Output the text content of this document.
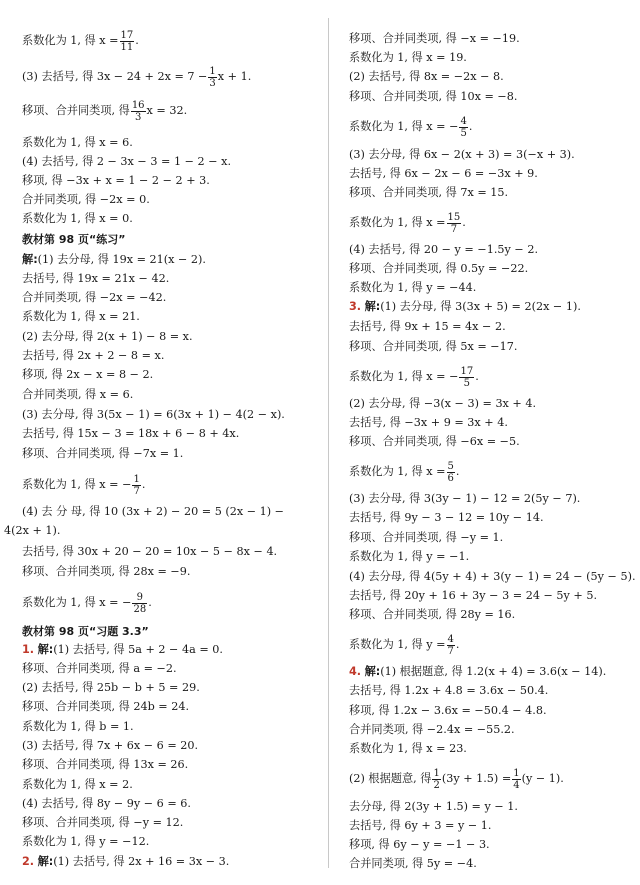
系数化为 1, 得 $x = \frac{17}{11}$ .
(3) 去括号, 得 $3x - 24 + 2x = 7 - \frac{1}{3}$ x + 1.
移项、合并同类项, 得 $\frac{16}{3}$ x = 32.
系数化为 1, 得 x = 6.
(4) 去括号, 得 2 − 3x − 3 = 1 − 2 − x.
移项, 得 −3x + x = 1 − 2 − 2 + 3.
合并同类项, 得 −2x = 0.
系数化为 1, 得 x = 0.
教材第 98 页“练习”
解:(1) 去分母, 得 19x = 21(x − 2).
去括号, 得 19x = 21x − 42.
合并同类项, 得 −2x = −42.
系数化为 1, 得 x = 21.
(2) 去分母, 得 2(x + 1) − 8 = x.
去括号, 得 2x + 2 − 8 = x.
移项, 得 2x − x = 8 − 2.
合并同类项, 得 x = 6.
(3) 去分母, 得 3(5x − 1) = 6(3x + 1) − 4(2 − x).
去括号, 得 15x − 3 = 18x + 6 − 8 + 4x.
移项、合并同类项, 得 −7x = 1.
系数化为 1, 得 x = − $\frac{1}{7}$ .
(4) 去 分 母, 得 10 (3x + 2) − 20 = 5 (2x − 1) −
4(2x + 1).
去括号, 得 30x + 20 − 20 = 10x − 5 − 8x − 4.
移项、合并同类项, 得 28x = −9.
系数化为 1, 得 x = − $\frac{9}{28}$ .
教材第 98 页“习题 3.3”
1. 解:(1) 去括号, 得 5a + 2 − 4a = 0.
移项、合并同类项, 得 a = −2.
(2) 去括号, 得 25b − b + 5 = 29.
移项、合并同类项, 得 24b = 24.
系数化为 1, 得 b = 1.
(3) 去括号, 得 7x + 6x − 6 = 20.
移项、合并同类项, 得 13x = 26.
系数化为 1, 得 x = 2.
(4) 去括号, 得 8y − 9y − 6 = 6.
移项、合并同类项, 得 −y = 12.
系数化为 1, 得 y = −12.
2. 解:(1) 去括号, 得 2x + 16 = 3x − 3.
移项、合并同类项, 得 −x = −19.
系数化为 1, 得 x = 19.
(2) 去括号, 得 8x = −2x − 8.
移项、合并同类项, 得 10x = −8.
系数化为 1, 得 x = − $\frac{4}{5}$ .
(3) 去分母, 得 6x − 2(x + 3) = 3(−x + 3).
去括号, 得 6x − 2x − 6 = −3x + 9.
移项、合并同类项, 得 7x = 15.
系数化为 1, 得 $x = \frac{15}{7}$ .
(4) 去括号, 得 20 − y = −1.5y − 2.
移项、合并同类项, 得 0.5y = −22.
系数化为 1, 得 y = −44.
3. 解:(1) 去分母, 得 3(3x + 5) = 2(2x − 1).
去括号, 得 9x + 15 = 4x − 2.
移项、合并同类项, 得 5x = −17.
系数化为 1, 得 x = − $\frac{17}{5}$ .
(2) 去分母, 得 −3(x − 3) = 3x + 4.
去括号, 得 −3x + 9 = 3x + 4.
移项、合并同类项, 得 −6x = −5.
系数化为 1, 得 $x = \frac{5}{6}$ .
(3) 去分母, 得 3(3y − 1) − 12 = 2(5y − 7).
去括号, 得 9y − 3 − 12 = 10y − 14.
移项、合并同类项, 得 −y = 1.
系数化为 1, 得 y = −1.
(4) 去分母, 得 4(5y + 4) + 3(y − 1) = 24 − (5y − 5).
去括号, 得 20y + 16 + 3y − 3 = 24 − 5y + 5.
移项、合并同类项, 得 28y = 16.
系数化为 1, 得 $y = \frac{4}{7}$ .
4. 解:(1) 根据题意, 得 1.2(x + 4) = 3.6(x − 14).
去括号, 得 1.2x + 4.8 = 3.6x − 50.4.
移项, 得 1.2x − 3.6x = −50.4 − 4.8.
合并同类项, 得 −2.4x = −55.2.
系数化为 1, 得 x = 23.
(2) 根据题意, 得 $\frac{1}{2} (3y + 1.5) = \frac{1}{4} (y - 1)$.
去分母, 得 2(3y + 1.5) = y − 1.
去括号, 得 6y + 3 = y − 1.
移项, 得 6y − y = −1 − 3.
合并同类项, 得 5y = −4.
